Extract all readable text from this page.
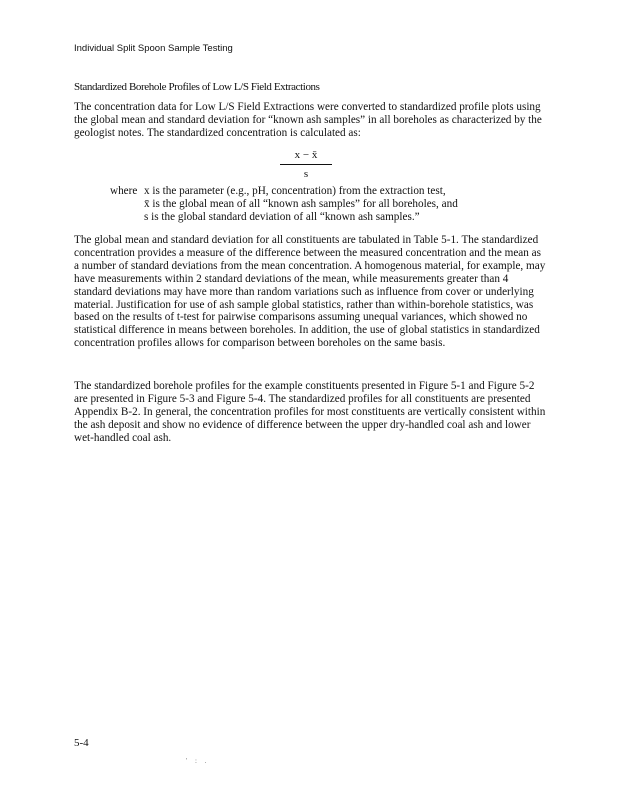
Individual Split Spoon Sample Testing
Standardized Borehole Profiles of Low L/S Field Extractions

The concentration data for Low L/S Field Extractions were converted to standardized profile plots using the global mean and standard deviation for “known ash samples” in all boreholes as characterized by the geologist notes. The standardized concentration is calculated as:

$\frac{x - x̄}{s}$
where x is the parameter (e.g., pH, concentration) from the extraction test,
x̄ is the global mean of all “known ash samples” for all boreholes, and
s is the global standard deviation of all “known ash samples.”

The global mean and standard deviation for all constituents are tabulated in Table 5-1. The standardized concentration provides a measure of the difference between the measured concentration and the mean as a number of standard deviations from the mean concentration. A homogenous material, for example, may have measurements within 2 standard deviations of the mean, while measurements greater than 4 standard deviations may have more than random variations such as influence from cover or underlying material. Justification for use of ash sample global statistics, rather than within-borehole statistics, was based on the results of t-test for pairwise comparisons assuming unequal variances, which showed no statistical difference in means between boreholes. In addition, the use of global statistics in standardized concentration profiles allows for comparison between boreholes on the same basis.

The standardized borehole profiles for the example constituents presented in Figure 5-1 and Figure 5-2 are presented in Figure 5-3 and Figure 5-4. The standardized profiles for all constituents are presented Appendix B-2. In general, the concentration profiles for most constituents are vertically consistent within the ash deposit and show no evidence of difference between the upper dry-handled coal ash and lower wet-handled coal ash.

5-4
' : .
